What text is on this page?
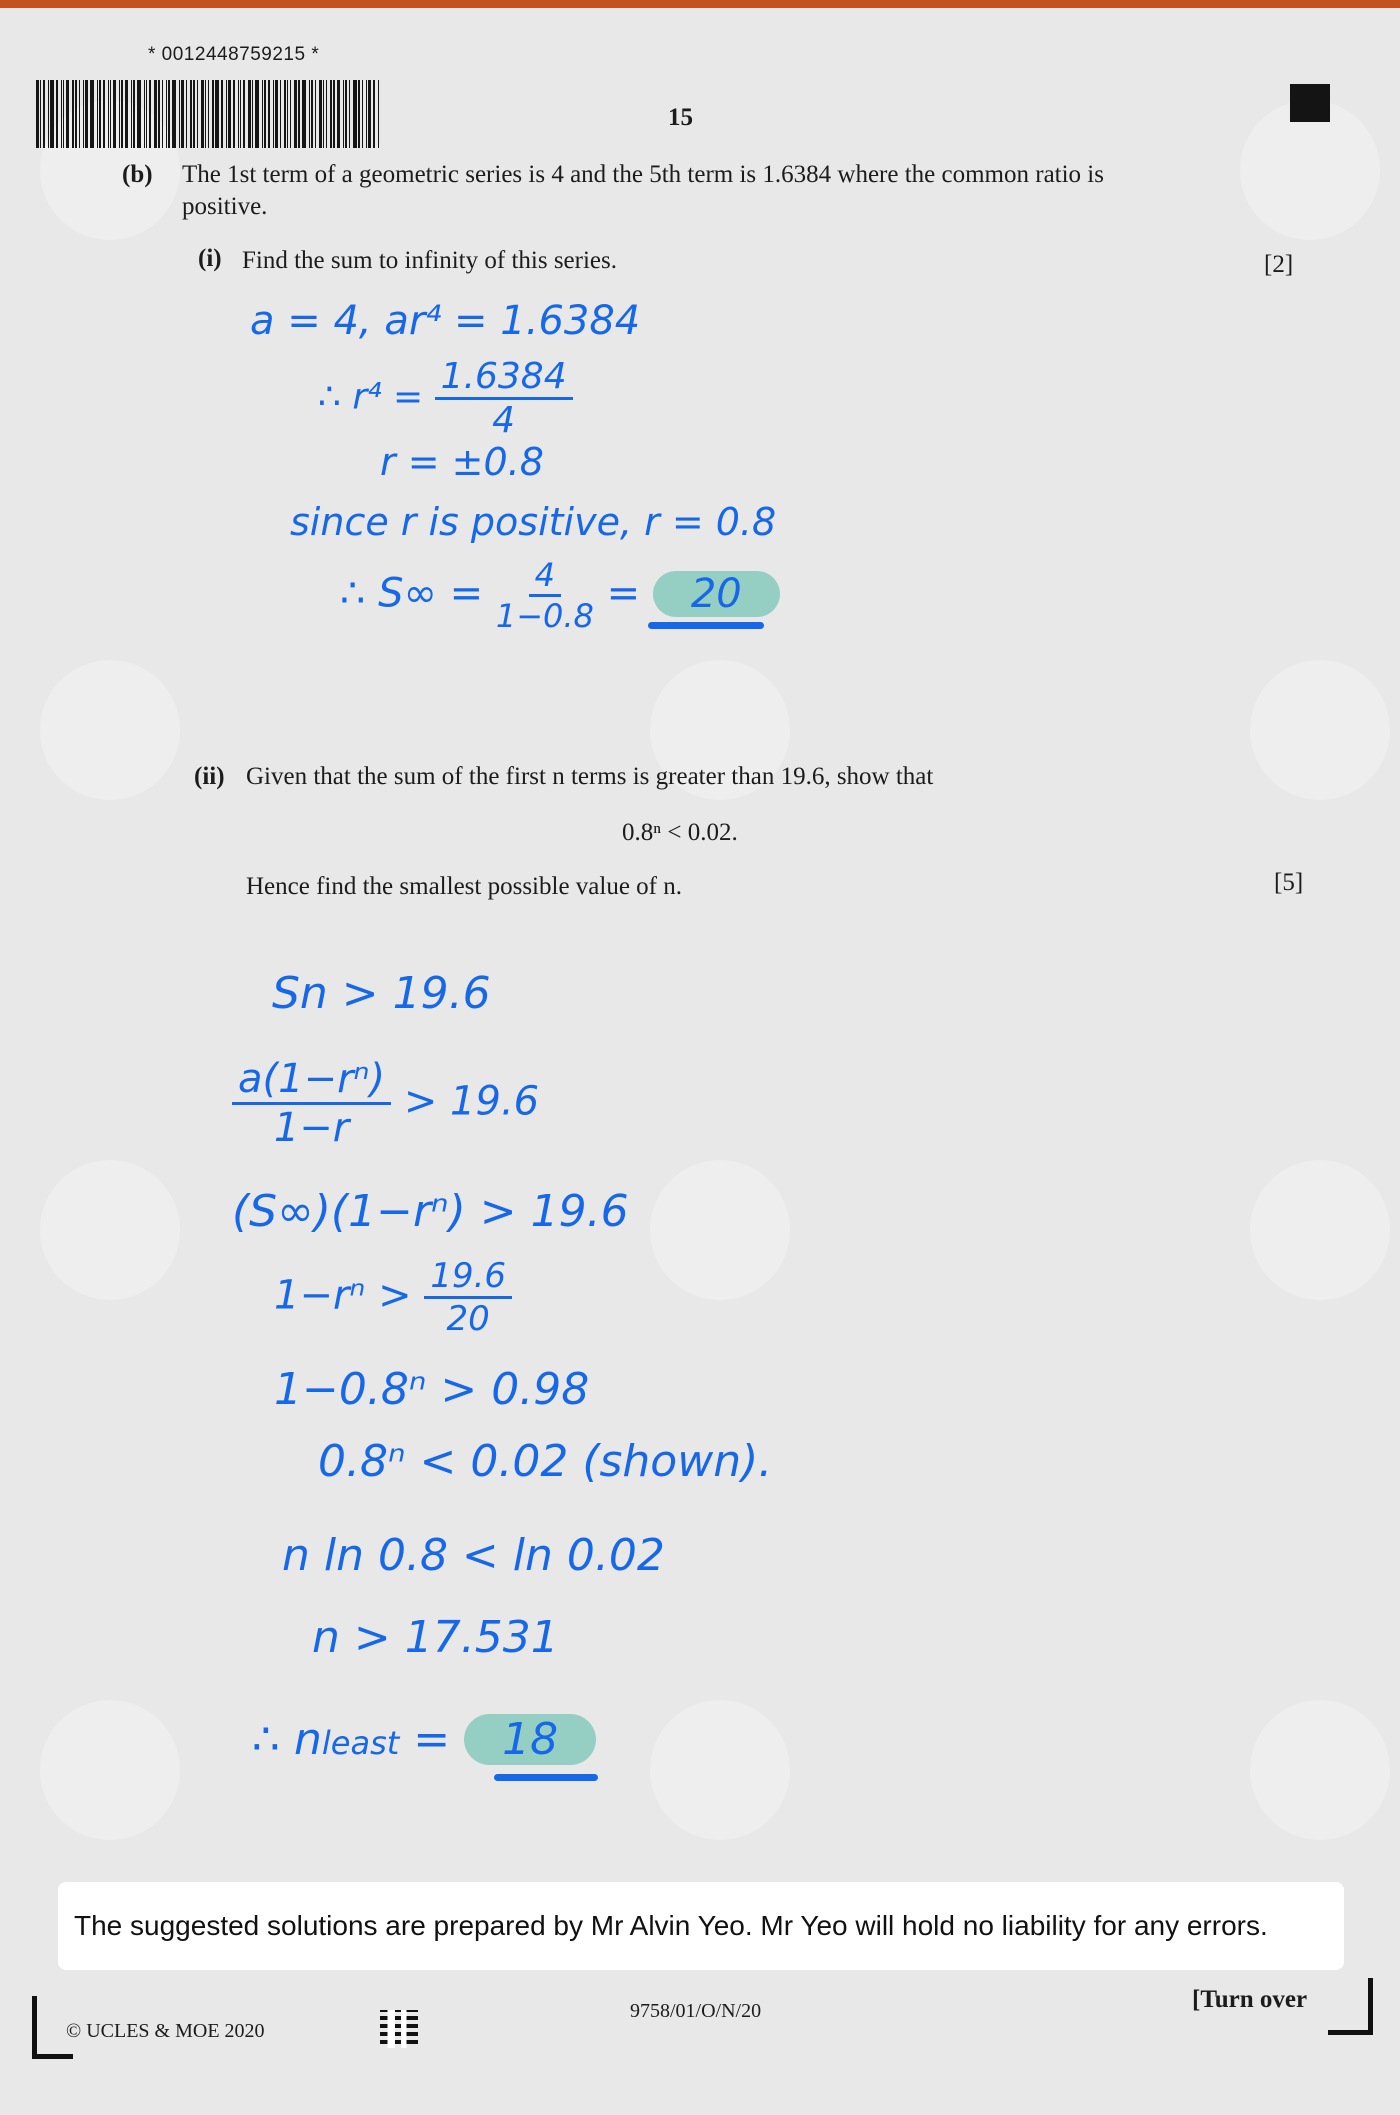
* 0012448759215 *
15
(b) The 1st term of a geometric series is 4 and the 5th term is 1.6384 where the common ratio is
positive.
(i) Find the sum to infinity of this series.	[2]
a = 4, ar⁴ = 1.6384
∴ $r^4 = \frac{1.6384}{4}$
r = ±0.8
since r is positive, r = 0.8
∴ $S\infty = \frac{4}{1-0.8} = 20$
(ii) Given that the sum of the first n terms is greater than 19.6, show that
0.8ⁿ < 0.02.
Hence find the smallest possible value of n.	[5]
Sn > 19.6
$\frac{\text{a(1−rⁿ)}}{1-r} > 19.6$
(S∞)(1−rⁿ) > 19.6
$1-r^n > \frac{19.6}{20}$
1−0.8ⁿ > 0.98
0.8ⁿ < 0.02 (shown).
n ln 0.8 < ln 0.02
n > 17.531
∴ nleast = 18
The suggested solutions are prepared by Mr Alvin Yeo. Mr Yeo will hold no liability for any errors.
© UCLES & MOE 2020
9758/01/O/N/20	[Turn over
